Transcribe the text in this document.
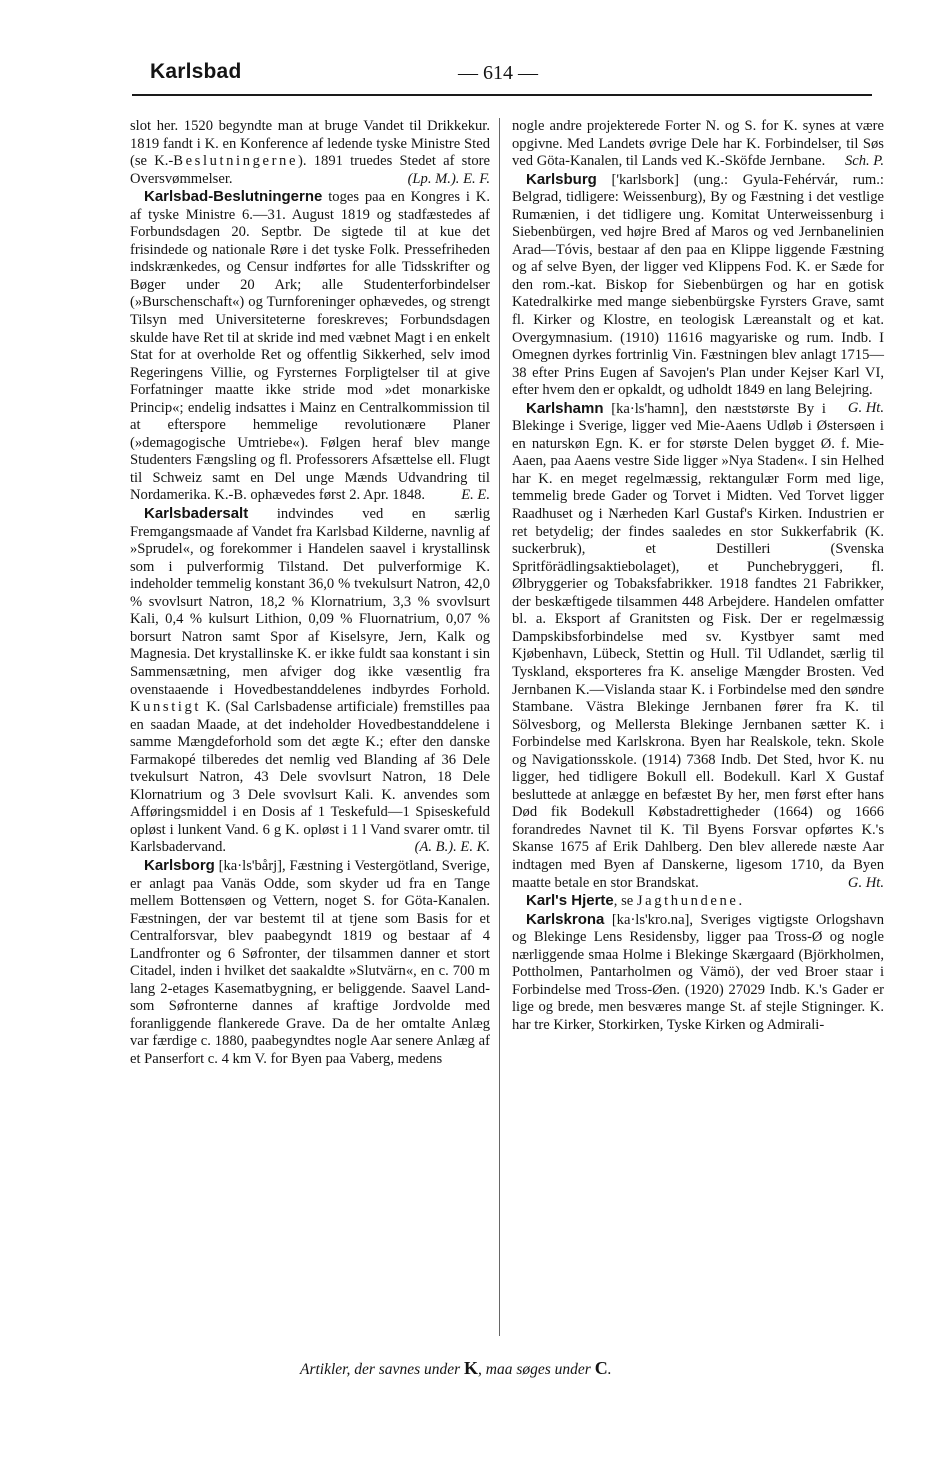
Karlsbad	— 614 —

slot her. 1520 begyndte man at bruge Vandet til Drikkekur. 1819 fandt i K. en Konference af ledende tyske Ministre Sted (se K.-Beslutningerne). 1891 truedes Stedet af store Oversvømmelser.	(Lp. M.). E. F.

Karlsbad-Beslutningerne toges paa en Kongres i K. af tyske Ministre 6.—31. August 1819 og stadfæstedes af Forbundsdagen 20. Septbr. De sigtede til at kue det frisindede og nationale Røre i det tyske Folk. Pressefriheden indskrænkedes, og Censur indførtes for alle Tidsskrifter og Bøger under 20 Ark; alle Studenterforbindelser (»Burschenschaft«) og Turnforeninger ophævedes, og strengt Tilsyn med Universiteterne foreskreves; Forbundsdagen skulde have Ret til at skride ind med væbnet Magt i en enkelt Stat for at overholde Ret og offentlig Sikkerhed, selv imod Regeringens Villie, og Fyrsternes Forpligtelser til at give Forfatninger maatte ikke stride mod »det monarkiske Princip«; endelig indsattes i Mainz en Centralkommission til at efterspore hemmelige revolutionære Planer (»demagogische Umtriebe«). Følgen heraf blev mange Studenters Fængsling og fl. Professorers Afsættelse ell. Flugt til Schweiz samt en Del unge Mænds Udvandring til Nordamerika. K.-B. ophævedes først 2. Apr. 1848.	E. E.

Karlsbadersalt indvindes ved en særlig Fremgangsmaade af Vandet fra Karlsbad Kilderne, navnlig af »Sprudel«, og forekommer i Handelen saavel i krystallinsk som i pulverformig Tilstand. Det pulverformige K. indeholder temmelig konstant 36,0 % tvekulsurt Natron, 42,0 % svovlsurt Natron, 18,2 % Klornatrium, 3,3 % svovlsurt Kali, 0,4 % kulsurt Lithion, 0,09 % Fluornatrium, 0,07 % borsurt Natron samt Spor af Kiselsyre, Jern, Kalk og Magnesia. Det krystallinske K. er ikke fuldt saa konstant i sin Sammensætning, men afviger dog ikke væsentlig fra ovenstaaende i Hovedbestanddelenes indbyrdes Forhold. Kunstigt K. (Sal Carlsbadense artificiale) fremstilles paa en saadan Maade, at det indeholder Hovedbestanddelene i samme Mængdeforhold som det ægte K.; efter den danske Farmakopé tilberedes det nemlig ved Blanding af 36 Dele tvekulsurt Natron, 43 Dele svovlsurt Natron, 18 Dele Klornatrium og 3 Dele svovlsurt Kali. K. anvendes som Afføringsmiddel i en Dosis af 1 Teskefuld—1 Spiseskefuld opløst i lunkent Vand. 6 g K. opløst i 1 l Vand svarer omtr. til Karlsbadervand.	(A. B.). E. K.

Karlsborg [ka·ls'bårj], Fæstning i Vestergötland, Sverige, er anlagt paa Vanäs Odde, som skyder ud fra en Tange mellem Bottensøen og Vettern, noget S. for Göta-Kanalen. Fæstningen, der var bestemt til at tjene som Basis for et Centralforsvar, blev paabegyndt 1819 og bestaar af 4 Landfronter og 6 Søfronter, der tilsammen danner et stort Citadel, inden i hvilket det saakaldte »Slutvärn«, en c. 700 m lang 2-etages Kasematbygning, er beliggende. Saavel Land- som Søfronterne dannes af kraftige Jordvolde med foranliggende flankerede Grave. Da de her omtalte Anlæg var færdige c. 1880, paabegyndtes nogle Aar senere Anlæg af et Panserfort c. 4 km V. for Byen paa Vaberg, medens

nogle andre projekterede Forter N. og S. for K. synes at være opgivne. Med Landets øvrige Dele har K. Forbindelser, til Søs ved Göta-Kanalen, til Lands ved K.-Sköfde Jernbane.	Sch. P.

Karlsburg ['karlsbork] (ung.: Gyula-Fehérvár, rum.: Belgrad, tidligere: Weissenburg), By og Fæstning i det vestlige Rumænien, i det tidligere ung. Komitat Unterweissenburg i Siebenbürgen, ved højre Bred af Maros og ved Jernbanelinien Arad—Tóvis, bestaar af den paa en Klippe liggende Fæstning og af selve Byen, der ligger ved Klippens Fod. K. er Sæde for den rom.-kat. Biskop for Siebenbürgen og har en gotisk Katedralkirke med mange siebenbürgske Fyrsters Grave, samt fl. Kirker og Klostre, en teologisk Læreanstalt og et kat. Overgymnasium. (1910) 11616 magyariske og rum. Indb. I Omegnen dyrkes fortrinlig Vin. Fæstningen blev anlagt 1715—38 efter Prins Eugen af Savojen's Plan under Kejser Karl VI, efter hvem den er opkaldt, og udholdt 1849 en lang Belejring.
G. Ht.

Karlshamn [ka·ls'hamn], den næststørste By i Blekinge i Sverige, ligger ved Mie-Aaens Udløb i Østersøen i en naturskøn Egn. K. er for største Delen bygget Ø. f. Mie-Aaen, paa Aaens vestre Side ligger »Nya Staden«. I sin Helhed har K. en meget regelmæssig, rektangulær Form med lige, temmelig brede Gader og Torvet i Midten. Ved Torvet ligger Raadhuset og i Nærheden Karl Gustaf's Kirken. Industrien er ret betydelig; der findes saaledes en stor Sukkerfabrik (K. suckerbruk), et Destilleri (Svenska Spritförädlingsaktiebolaget), et Punchebryggeri, fl. Ølbryggerier og Tobaksfabrikker. 1918 fandtes 21 Fabrikker, der beskæftigede tilsammen 448 Arbejdere. Handelen omfatter bl. a. Eksport af Granitsten og Fisk. Der er regelmæssig Dampskibsforbindelse med sv. Kystbyer samt med Kjøbenhavn, Lübeck, Stettin og Hull. Til Udlandet, særlig til Tyskland, eksporteres fra K. anselige Mængder Brosten. Ved Jernbanen K.—Vislanda staar K. i Forbindelse med den søndre Stambane. Västra Blekinge Jernbanen fører fra K. til Sölvesborg, og Mellersta Blekinge Jernbanen sætter K. i Forbindelse med Karlskrona. Byen har Realskole, tekn. Skole og Navigationsskole. (1914) 7368 Indb. Det Sted, hvor K. nu ligger, hed tidligere Bokull ell. Bodekull. Karl X Gustaf besluttede at anlægge en befæstet By her, men først efter hans Død fik Bodekull Købstadrettigheder (1664) og 1666 forandredes Navnet til K. Til Byens Forsvar opførtes K.'s Skanse 1675 af Erik Dahlberg. Den blev allerede næste Aar indtagen med Byen af Danskerne, ligesom 1710, da Byen maatte betale en stor Brandskat.	G. Ht.

Karl's Hjerte, se Jagthundene.

Karlskrona [ka·ls'kro.na], Sveriges vigtigste Orlogshavn og Blekinge Lens Residensby, ligger paa Tross-Ø og nogle nærliggende smaa Holme i Blekinge Skærgaard (Björkholmen, Pottholmen, Pantarholmen og Vämö), der ved Broer staar i Forbindelse med Tross-Øen. (1920) 27029 Indb. K.'s Gader er lige og brede, men besværes mange St. af stejle Stigninger. K. har tre Kirker, Storkirken, Tyske Kirken og Admirali-

Artikler, der savnes under K, maa søges under C.
